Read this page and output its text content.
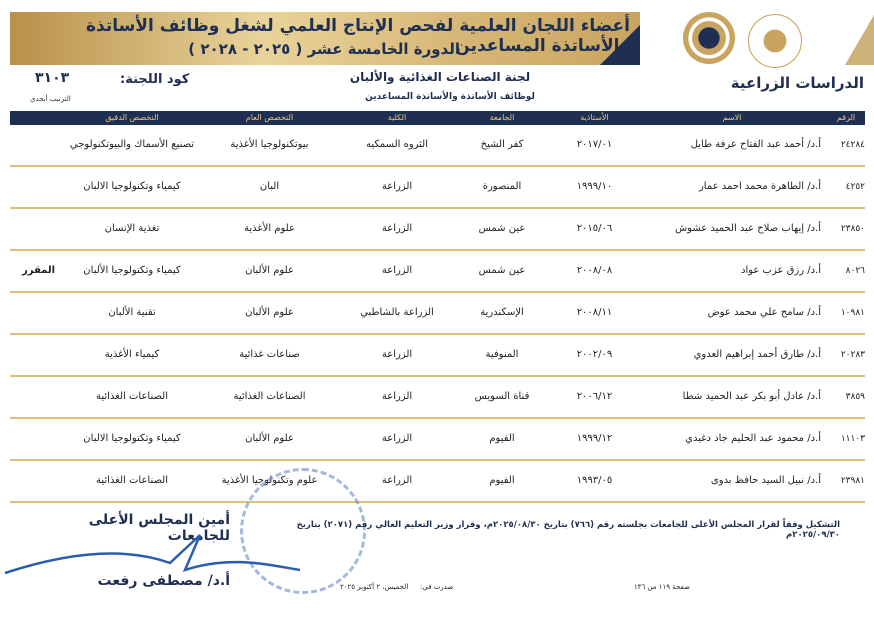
أعضاء اللجان العلمية لفحص الإنتاج العلمي لشغل وظائف الأساتذة والأساتذة المساعدين
الدورة الخامسة عشر ( ٢٠٢٥ - ٢٠٢٨ )
الدراسات الزراعية
لجنة الصناعات الغذائية والألبان
لوظائف الأساتذة والأساتذة المساعدين
كود اللجنة:
٣١٠٣
الترتيب أبجدي
الرقم
الاسم
الأستاذية
الجامعة
الكلية
التخصص العام
التخصص الدقيق
٢٤٢٨٤
أ.د/ أحمد عبد الفتاح عرفة طايل
٢٠١٧/٠١
كفر الشيخ
الثروه السمكيه
بيوتكنولوجيا الأغذية
تصنيع الأسماك والبيوتكنولوجي
٤٢٥٢
أ.د/ الطاهرة محمد احمد عمار
١٩٩٩/١٠
المنصورة
الزراعة
البان
كيمياء وتكنولوجيا الالبان
٢٣٨٥٠
أ.د/ إيهاب صلاح عبد الحميد عشوش
٢٠١٥/٠٦
عين شمس
الزراعة
علوم الأغذية
تغذية الإنسان
٨٠٢٦
أ.د/ رزق عزب عواد
٢٠٠٨/٠٨
عين شمس
الزراعة
علوم الألبان
كيمياء وتكنولوجيا الألبان
المقرر
١٠٩٨١
أ.د/ سامح علي محمد عوض
٢٠٠٨/١١
الإسكندرية
الزراعة بالشاطبي
علوم الألبان
تقنية الألبان
٢٠٢٨٣
أ.د/ طارق أحمد إبراهيم العدوي
٢٠٠٢/٠٩
المنوفية
الزراعة
صناعات غذائية
كيمياء الأغذية
٣٨٥٩
أ.د/ عادل أبو بكر عبد الحميد شطا
٢٠٠٦/١٢
قناة السويس
الزراعة
الصناعات الغذائية
الصناعات الغذائية
١١١٠٣
أ.د/ محمود عبد الحليم جاد دغيدي
١٩٩٩/١٢
الفيوم
الزراعة
علوم الألبان
كيمياء وتكنولوجيا الالبان
٢٣٩٨١
أ.د/ نبيل السيد حافظ بدوى
١٩٩٣/٠٥
الفيوم
الزراعة
علوم وتكنولوجيا الأغذية
الصناعات الغذائية
التشكيل وفقاً لقرار المجلس الأعلى للجامعات بجلسته رقم (٧٦٦) بتاريخ ٢٠٢٥/٠٨/٣٠م، وقرار وزير التعليم العالي رقم (٢٠٧١) بتاريخ ٢٠٢٥/٠٩/٣٠م
أمين المجلس الأعلى للجامعات
أ.د/ مصطفى رفعت	صدرت في:
الخميس، ٢ أكتوبر ٢٠٢٥	صفحة ١١٩ من ١٣٦
